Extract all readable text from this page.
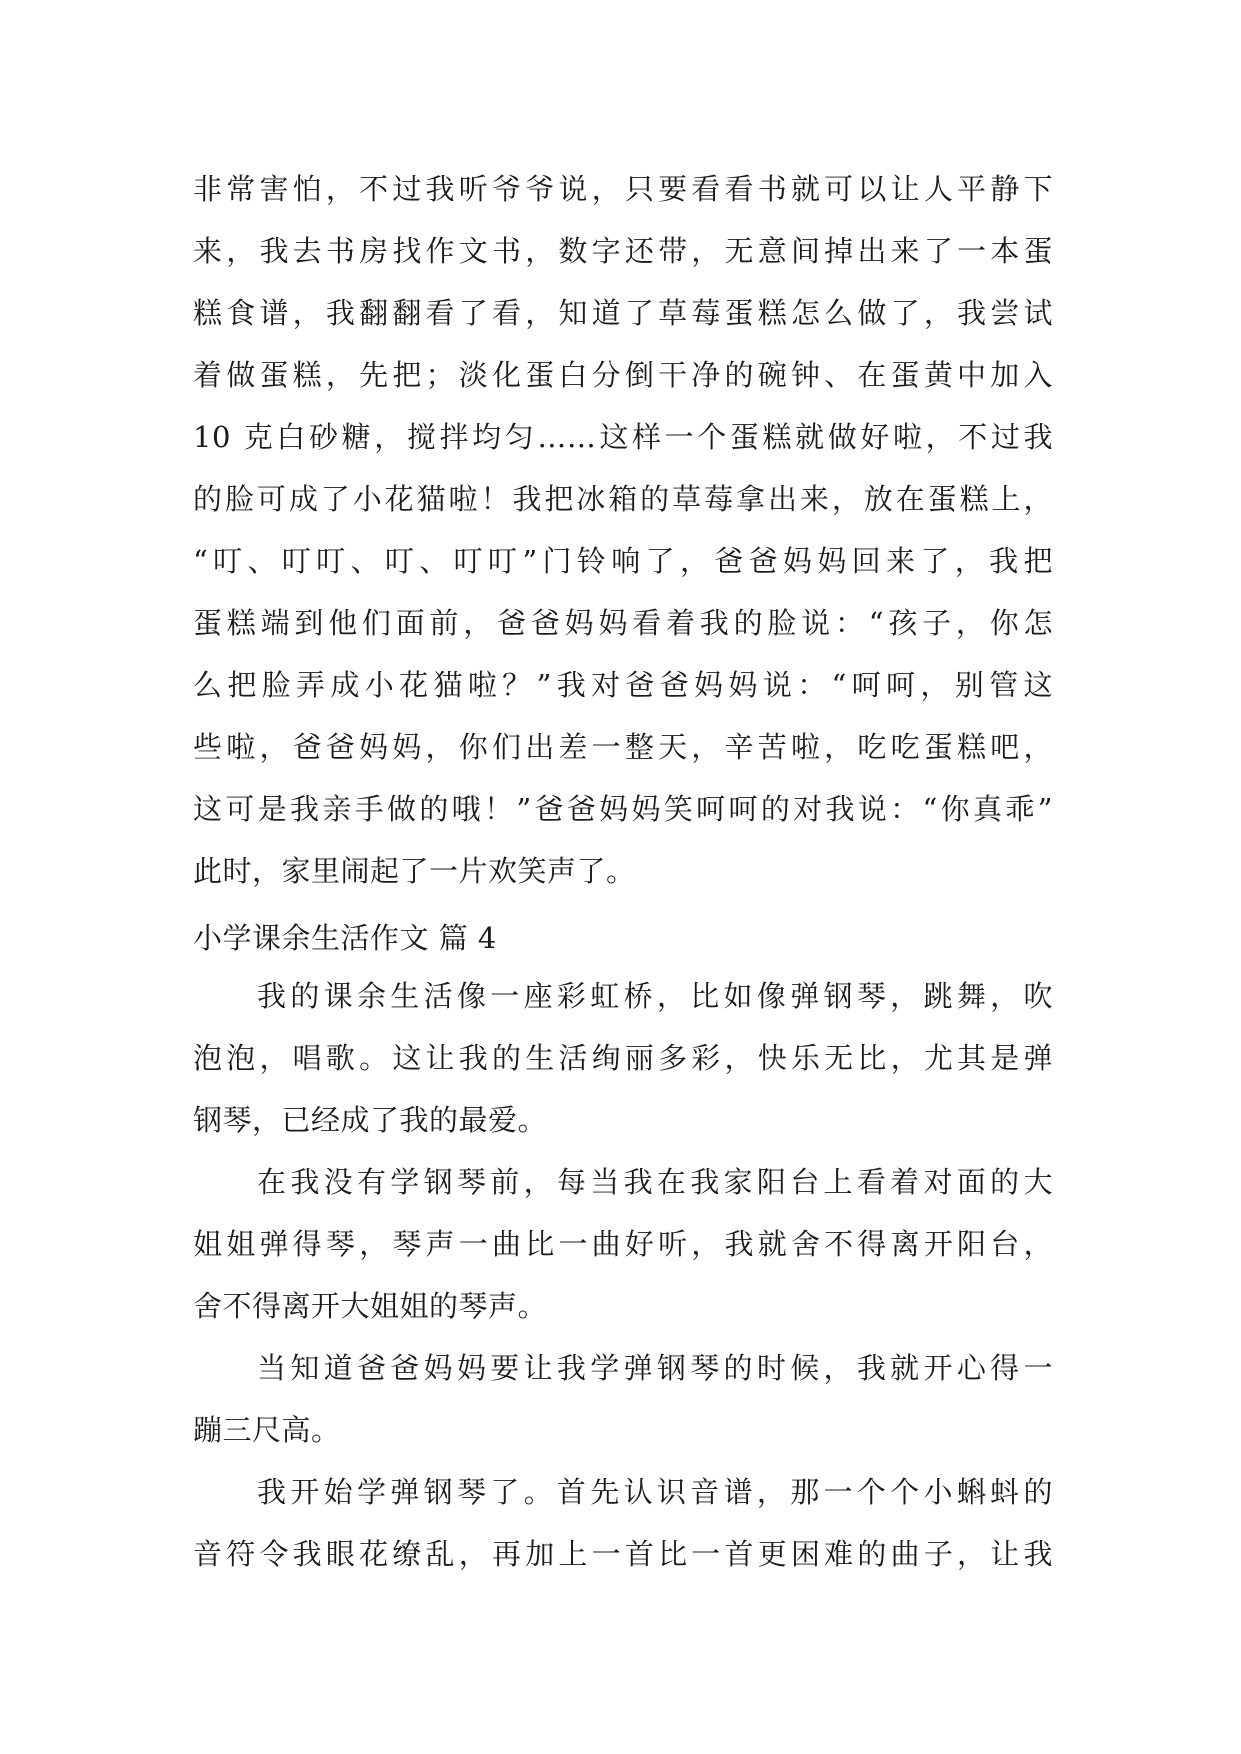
非常害怕，不过我听爷爷说，只要看看书就可以让人平静下
来，我去书房找作文书，数字还带，无意间掉出来了一本蛋
糕食谱，我翻翻看了看，知道了草莓蛋糕怎么做了，我尝试
着做蛋糕，先把；淡化蛋白分倒干净的碗钟、在蛋黄中加入
10 克白砂糖，搅拌均匀……这样一个蛋糕就做好啦，不过我
的脸可成了小花猫啦！我把冰箱的草莓拿出来，放在蛋糕上，
“叮、叮叮、叮、叮叮”门铃响了，爸爸妈妈回来了，我把
蛋糕端到他们面前，爸爸妈妈看着我的脸说：“孩子，你怎
么把脸弄成小花猫啦？”我对爸爸妈妈说：“呵呵，别管这
些啦，爸爸妈妈，你们出差一整天，辛苦啦，吃吃蛋糕吧，
这可是我亲手做的哦！”爸爸妈妈笑呵呵的对我说：“你真乖”
此时，家里闹起了一片欢笑声了。
小学课余生活作文 篇 4
我的课余生活像一座彩虹桥，比如像弹钢琴，跳舞，吹
泡泡，唱歌。这让我的生活绚丽多彩，快乐无比，尤其是弹
钢琴，已经成了我的最爱。
在我没有学钢琴前，每当我在我家阳台上看着对面的大
姐姐弹得琴，琴声一曲比一曲好听，我就舍不得离开阳台，
舍不得离开大姐姐的琴声。
当知道爸爸妈妈要让我学弹钢琴的时候，我就开心得一
蹦三尺高。
我开始学弹钢琴了。首先认识音谱，那一个个小蝌蚪的
音符令我眼花缭乱，再加上一首比一首更困难的曲子，让我
